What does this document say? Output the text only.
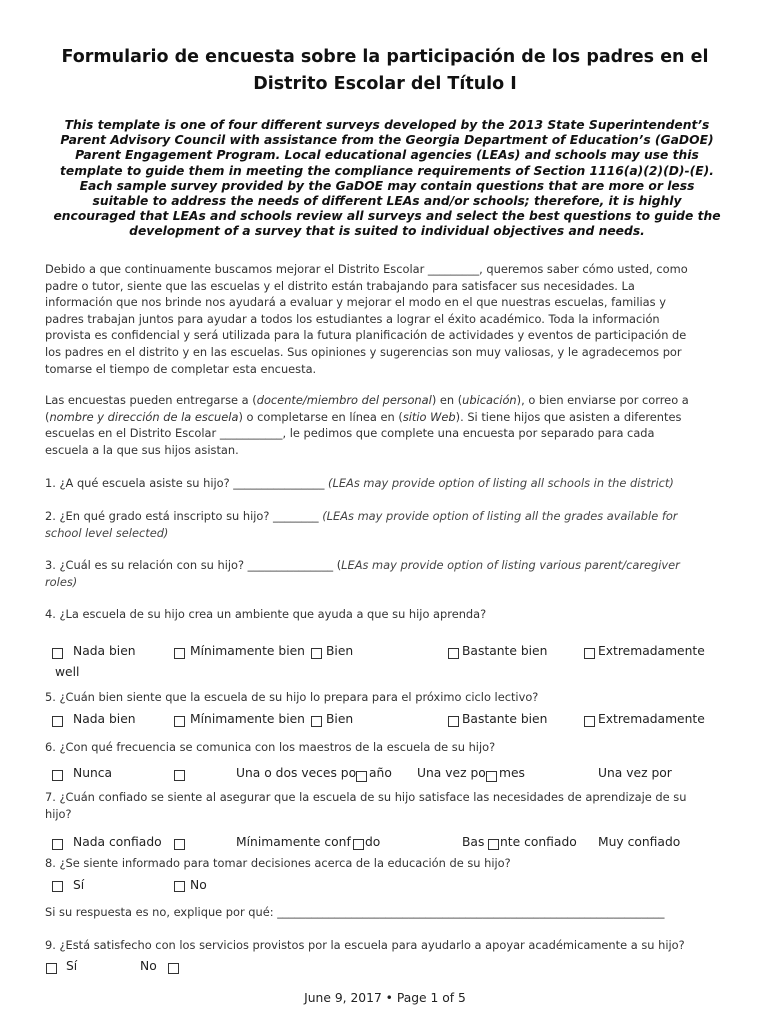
Formulario de encuesta sobre la participación de los padres en el
Distrito Escolar del Título I
This template is one of four different surveys developed by the 2013 State Superintendent’s
Parent Advisory Council with assistance from the Georgia Department of Education’s (GaDOE)
Parent Engagement Program. Local educational agencies (LEAs) and schools may use this
template to guide them in meeting the compliance requirements of Section 1116(a)(2)(D)-(E).
Each sample survey provided by the GaDOE may contain questions that are more or less
suitable to address the needs of different LEAs and/or schools; therefore, it is highly
encouraged that LEAs and schools review all surveys and select the best questions to guide the
development of a survey that is suited to individual objectives and needs.
Debido a que continuamente buscamos mejorar el Distrito Escolar _________, queremos saber cómo usted, como
padre o tutor, siente que las escuelas y el distrito están trabajando para satisfacer sus necesidades. La
información que nos brinde nos ayudará a evaluar y mejorar el modo en el que nuestras escuelas, familias y
padres trabajan juntos para ayudar a todos los estudiantes a lograr el éxito académico. Toda la información
provista es confidencial y será utilizada para la futura planificación de actividades y eventos de participación de
los padres en el distrito y en las escuelas. Sus opiniones y sugerencias son muy valiosas, y le agradecemos por
tomarse el tiempo de completar esta encuesta.
Las encuestas pueden entregarse a (docente/miembro del personal) en (ubicación), o bien enviarse por correo a
(nombre y dirección de la escuela) o completarse en línea en (sitio Web). Si tiene hijos que asisten a diferentes
escuelas en el Distrito Escolar ___________, le pedimos que complete una encuesta por separado para cada
escuela a la que sus hijos asistan.
1. ¿A qué escuela asiste su hijo? ________________ (LEAs may provide option of listing all schools in the district)
2. ¿En qué grado está inscripto su hijo? ________ (LEAs may provide option of listing all the grades available for
school level selected)
3. ¿Cuál es su relación con su hijo? _______________ (LEAs may provide option of listing various parent/caregiver
roles)
4. ¿La escuela de su hijo crea un ambiente que ayuda a que su hijo aprenda?
Nada bien	Mínimamente bien Bien	Bastante bien	Extremadamente
well
5. ¿Cuán bien siente que la escuela de su hijo lo prepara para el próximo ciclo lectivo?
Nada bien	Mínimamente bien Bien	Bastante bien	Extremadamente
6. ¿Con qué frecuencia se comunica con los maestros de la escuela de su hijo?
Nunca	Una o dos veces po año Una vez po mes	Una vez por
7. ¿Cuán confiado se siente al asegurar que la escuela de su hijo satisface las necesidades de aprendizaje de su
hijo?
Nada confiado	Mínimamente conf do	Bas nte confiado Muy confiado
8. ¿Se siente informado para tomar decisiones acerca de la educación de su hijo?
Sí	No
Si su respuesta es no, explique por qué: ____________________________________________________________________
9. ¿Está satisfecho con los servicios provistos por la escuela para ayudarlo a apoyar académicamente a su hijo?
Sí	No
June 9, 2017 • Page 1 of 5
